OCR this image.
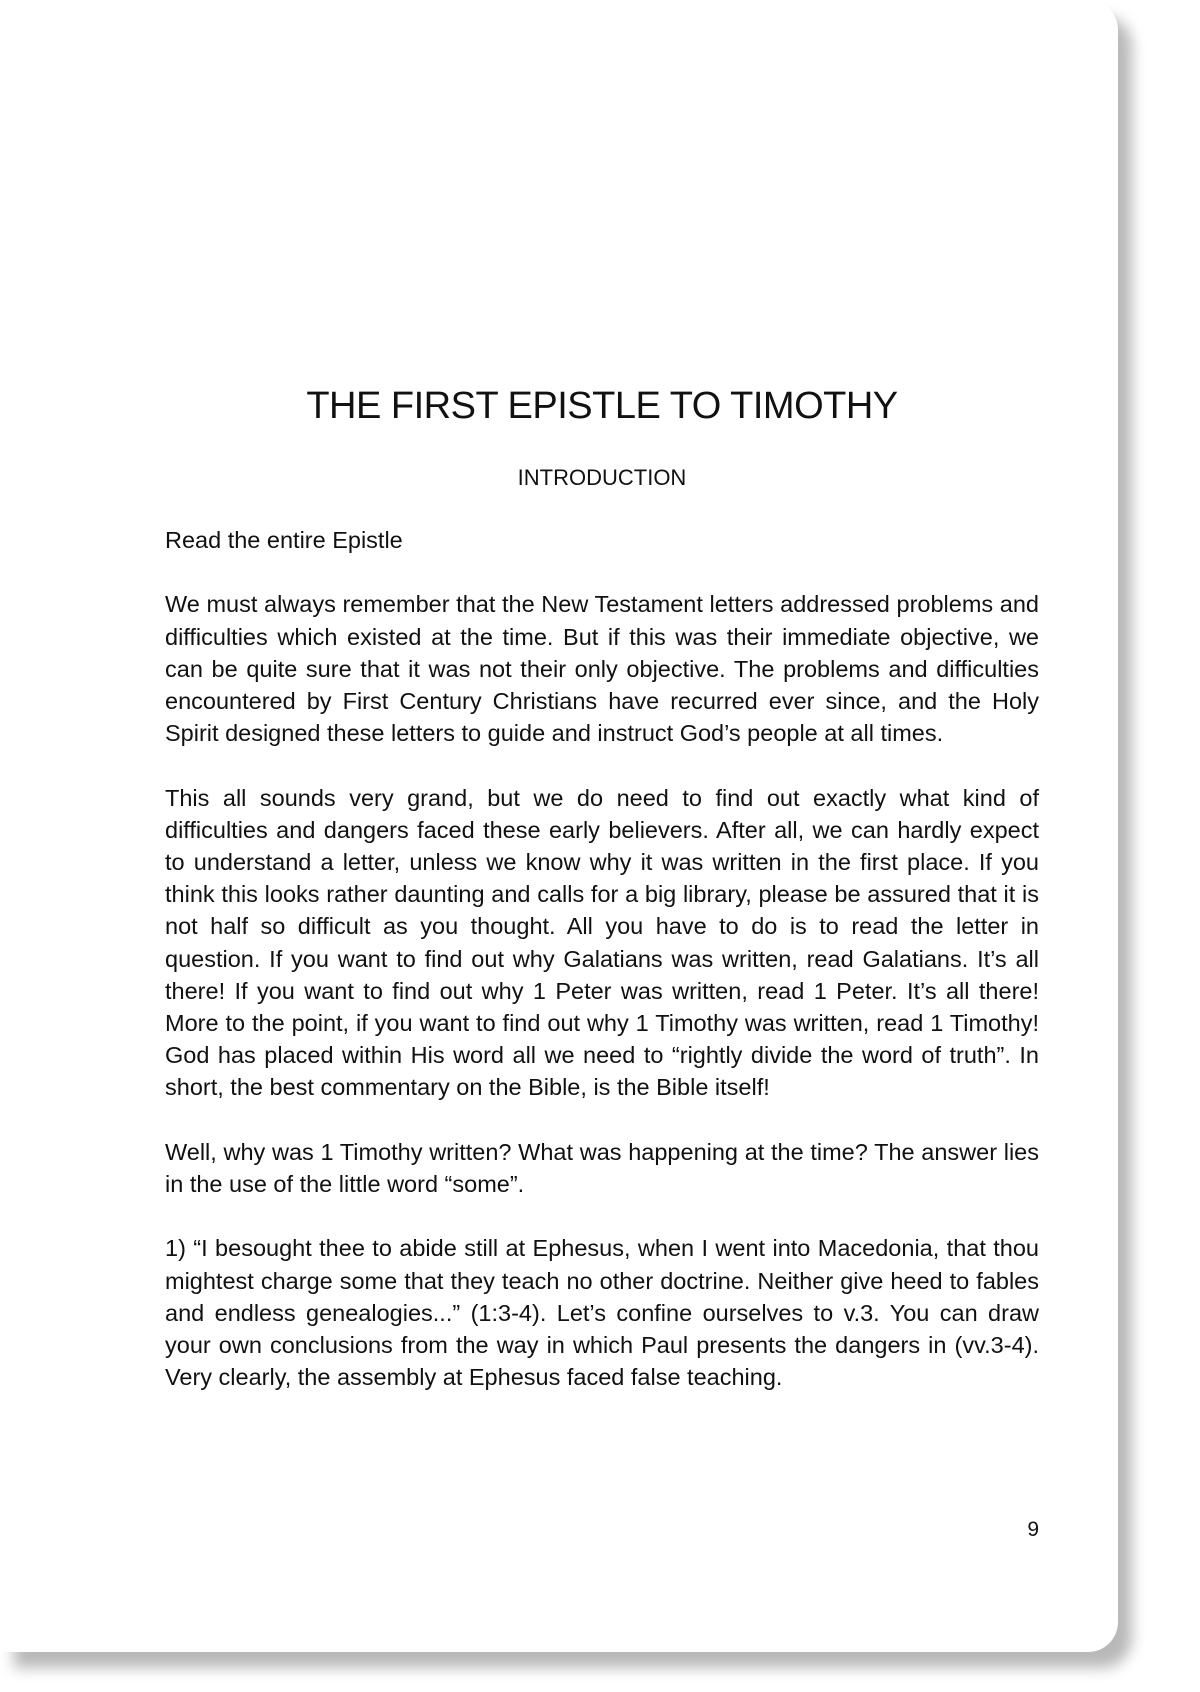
THE FIRST EPISTLE TO TIMOTHY
INTRODUCTION

Read the entire Epistle

We must always remember that the New Testament letters addressed problems and difficulties which existed at the time. But if this was their immediate objective, we can be quite sure that it was not their only objective. The problems and difficulties encountered by First Century Christians have recurred ever since, and the Holy Spirit designed these letters to guide and instruct God’s people at all times.

This all sounds very grand, but we do need to find out exactly what kind of difficulties and dangers faced these early believers. After all, we can hardly expect to understand a letter, unless we know why it was written in the first place. If you think this looks rather daunting and calls for a big library, please be assured that it is not half so difficult as you thought. All you have to do is to read the letter in question. If you want to find out why Galatians was written, read Galatians. It’s all there! If you want to find out why 1 Peter was written, read 1 Peter. It’s all there! More to the point, if you want to find out why 1 Timothy was written, read 1 Timothy! God has placed within His word all we need to “rightly divide the word of truth”. In short, the best commentary on the Bible, is the Bible itself!

Well, why was 1 Timothy written? What was happening at the time? The answer lies in the use of the little word “some”.

1) “I besought thee to abide still at Ephesus, when I went into Macedonia, that thou mightest charge some that they teach no other doctrine. Neither give heed to fables and endless genealogies...” (1:3-4). Let’s confine ourselves to v.3. You can draw your own conclusions from the way in which Paul presents the dangers in (vv.3-4). Very clearly, the assembly at Ephesus faced false teaching.

9
